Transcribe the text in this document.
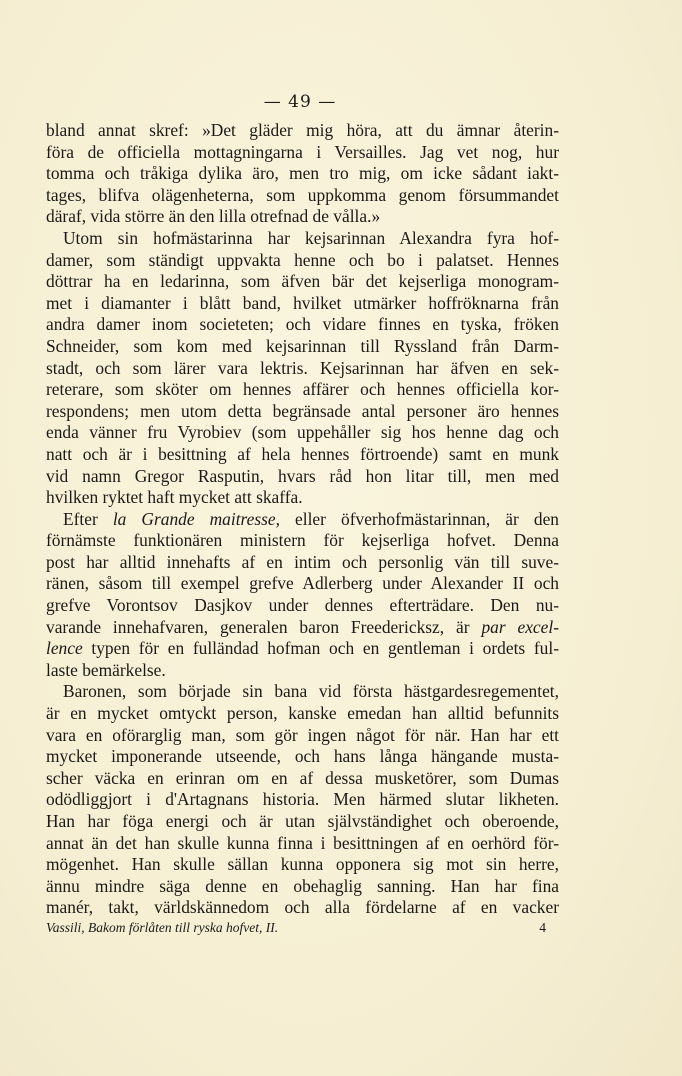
— 49 —
bland annat skref: »Det gläder mig höra, att du ämnar återin-
föra de officiella mottagningarna i Versailles. Jag vet nog, hur
tomma och tråkiga dylika äro, men tro mig, om icke sådant iakt-
tages, blifva olägenheterna, som uppkomma genom försummandet
däraf, vida större än den lilla otrefnad de vålla.»
Utom sin hofmästarinna har kejsarinnan Alexandra fyra hof-
damer, som ständigt uppvakta henne och bo i palatset. Hennes
döttrar ha en ledarinna, som äfven bär det kejserliga monogram-
met i diamanter i blått band, hvilket utmärker hoffröknarna från
andra damer inom societeten; och vidare finnes en tyska, fröken
Schneider, som kom med kejsarinnan till Ryssland från Darm-
stadt, och som lärer vara lektris. Kejsarinnan har äfven en sek-
reterare, som sköter om hennes affärer och hennes officiella kor-
respondens; men utom detta begränsade antal personer äro hennes
enda vänner fru Vyrobiev (som uppehåller sig hos henne dag och
natt och är i besittning af hela hennes förtroende) samt en munk
vid namn Gregor Rasputin, hvars råd hon litar till, men med
hvilken ryktet haft mycket att skaffa.
Efter la Grande maitresse, eller öfverhofmästarinnan, är den
förnämste funktionären ministern för kejserliga hofvet. Denna
post har alltid innehafts af en intim och personlig vän till suve-
ränen, såsom till exempel grefve Adlerberg under Alexander II och
grefve Vorontsov Dasjkov under dennes efterträdare. Den nu-
varande innehafvaren, generalen baron Freedericksz, är par excel-
lence typen för en fulländad hofman och en gentleman i ordets ful-
laste bemärkelse.
Baronen, som började sin bana vid första hästgardesregementet,
är en mycket omtyckt person, kanske emedan han alltid befunnits
vara en oförarglig man, som gör ingen något för när. Han har ett
mycket imponerande utseende, och hans långa hängande musta-
scher väcka en erinran om en af dessa musketörer, som Dumas
odödliggjort i d'Artagnans historia. Men härmed slutar likheten.
Han har föga energi och är utan självständighet och oberoende,
annat än det han skulle kunna finna i besittningen af en oerhörd för-
mögenhet. Han skulle sällan kunna opponera sig mot sin herre,
ännu mindre säga denne en obehaglig sanning. Han har fina
manér, takt, världskännedom och alla fördelarne af en vacker
Vassili, Bakom förlåten till ryska hofvet, II.	4
